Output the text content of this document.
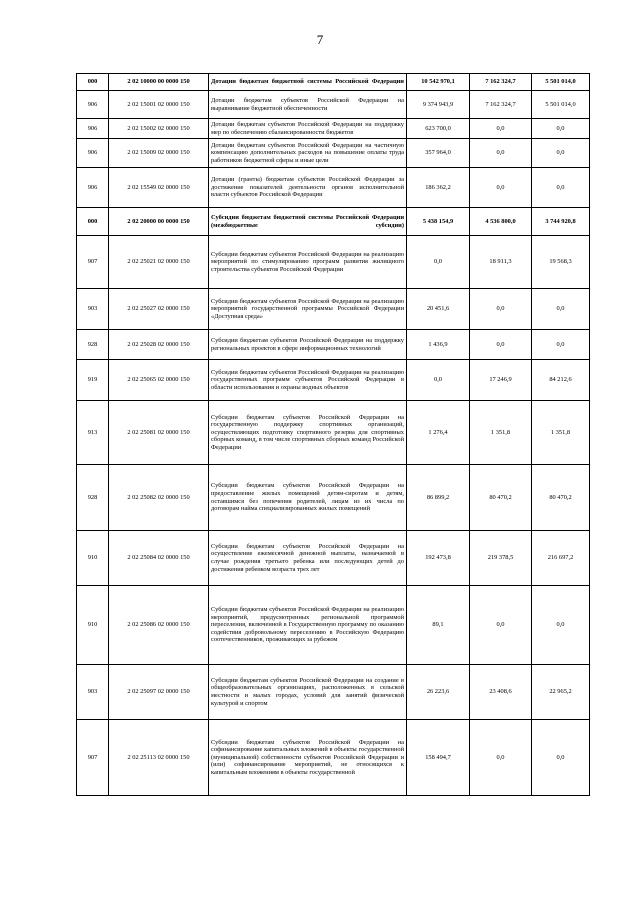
7
000	2 02 10000 00 0000 150	Дотации бюджетам бюджетной системы Российской Федерации	10 542 970,1	7 162 324,7	5 501 014,0
906	2 02 15001 02 0000 150	Дотации бюджетам субъектов Российской Федерации на выравнивание бюджетной обеспеченности	9 374 943,9	7 162 324,7	5 501 014,0
906	2 02 15002 02 0000 150	Дотации бюджетам субъектов Российской Федерации на поддержку мер по обеспечению сбалансированности бюджетов	623 700,0	0,0	0,0
906	2 02 15009 02 0000 150	Дотации бюджетам субъектов Российской Федерации на частичную компенсацию дополнительных расходов на повышение оплаты труда работников бюджетной сферы и иные цели	357 964,0	0,0	0,0
906	2 02 15549 02 0000 150	Дотации (гранты) бюджетам субъектов Российской Федерации за достижение показателей деятельности органов исполнительной власти субъектов Российской Федерации	186 362,2	0,0	0,0
000	2 02 20000 00 0000 150	Субсидии бюджетам бюджетной системы Российской Федерации (межбюджетные субсидии)	5 438 154,9	4 536 800,0	3 744 920,8
907	2 02 25021 02 0000 150	Субсидии бюджетам субъектов Российской Федерации на реализацию мероприятий по стимулированию программ развития жилищного строительства субъектов Российской Федерации	0,0	18 911,3	19 568,3
903	2 02 25027 02 0000 150	Субсидии бюджетам субъектов Российской Федерации на реализацию мероприятий государственной программы Российской Федерации «Доступная среда»	20 451,6	0,0	0,0
928	2 02 25028 02 0000 150	Субсидии бюджетам субъектов Российской Федерации на поддержку региональных проектов в сфере информационных технологий	1 436,9	0,0	0,0
919	2 02 25065 02 0000 150	Субсидии бюджетам субъектов Российской Федерации на реализацию государственных программ субъектов Российской Федерации в области использования и охраны водных объектов	0,0	17 246,9	84 212,6
913	2 02 25081 02 0000 150	Субсидии бюджетам субъектов Российской Федерации на государственную поддержку спортивных организаций, осуществляющих подготовку спортивного резерва для спортивных сборных команд, в том числе спортивных сборных команд Российской Федерации	1 276,4	1 351,8	1 351,8
928	2 02 25082 02 0000 150	Субсидии бюджетам субъектов Российской Федерации на предоставление жилых помещений детям-сиротам и детям, оставшимся без попечения родителей, лицам из их числа по договорам найма специализированных жилых помещений	86 899,2	80 470,2	80 470,2
910	2 02 25084 02 0000 150	Субсидии бюджетам субъектов Российской Федерации на осуществление ежемесячной денежной выплаты, назначаемой в случае рождения третьего ребенка или последующих детей до достижения ребенком возраста трех лет	192 473,8	219 378,5	216 697,2
910	2 02 25086 02 0000 150	Субсидии бюджетам субъектов Российской Федерации на реализацию мероприятий, предусмотренных региональной программой переселения, включенной в Государственную программу по оказанию содействия добровольному переселению в Российскую Федерацию соотечественников, проживающих за рубежом	89,1	0,0	0,0
903	2 02 25097 02 0000 150	Субсидии бюджетам субъектов Российской Федерации на создание в общеобразовательных организациях, расположенных в сельской местности и малых городах, условий для занятий физической культурой и спортом	26 223,6	23 408,6	22 965,2
907	2 02 25113 02 0000 150	Субсидии бюджетам субъектов Российской Федерации на софинансирование капитальных вложений в объекты государственной (муниципальной) собственности субъектов Российской Федерации и (или) софинансирование мероприятий, не относящихся к капитальным вложениям в объекты государственной	158 494,7	0,0	0,0
